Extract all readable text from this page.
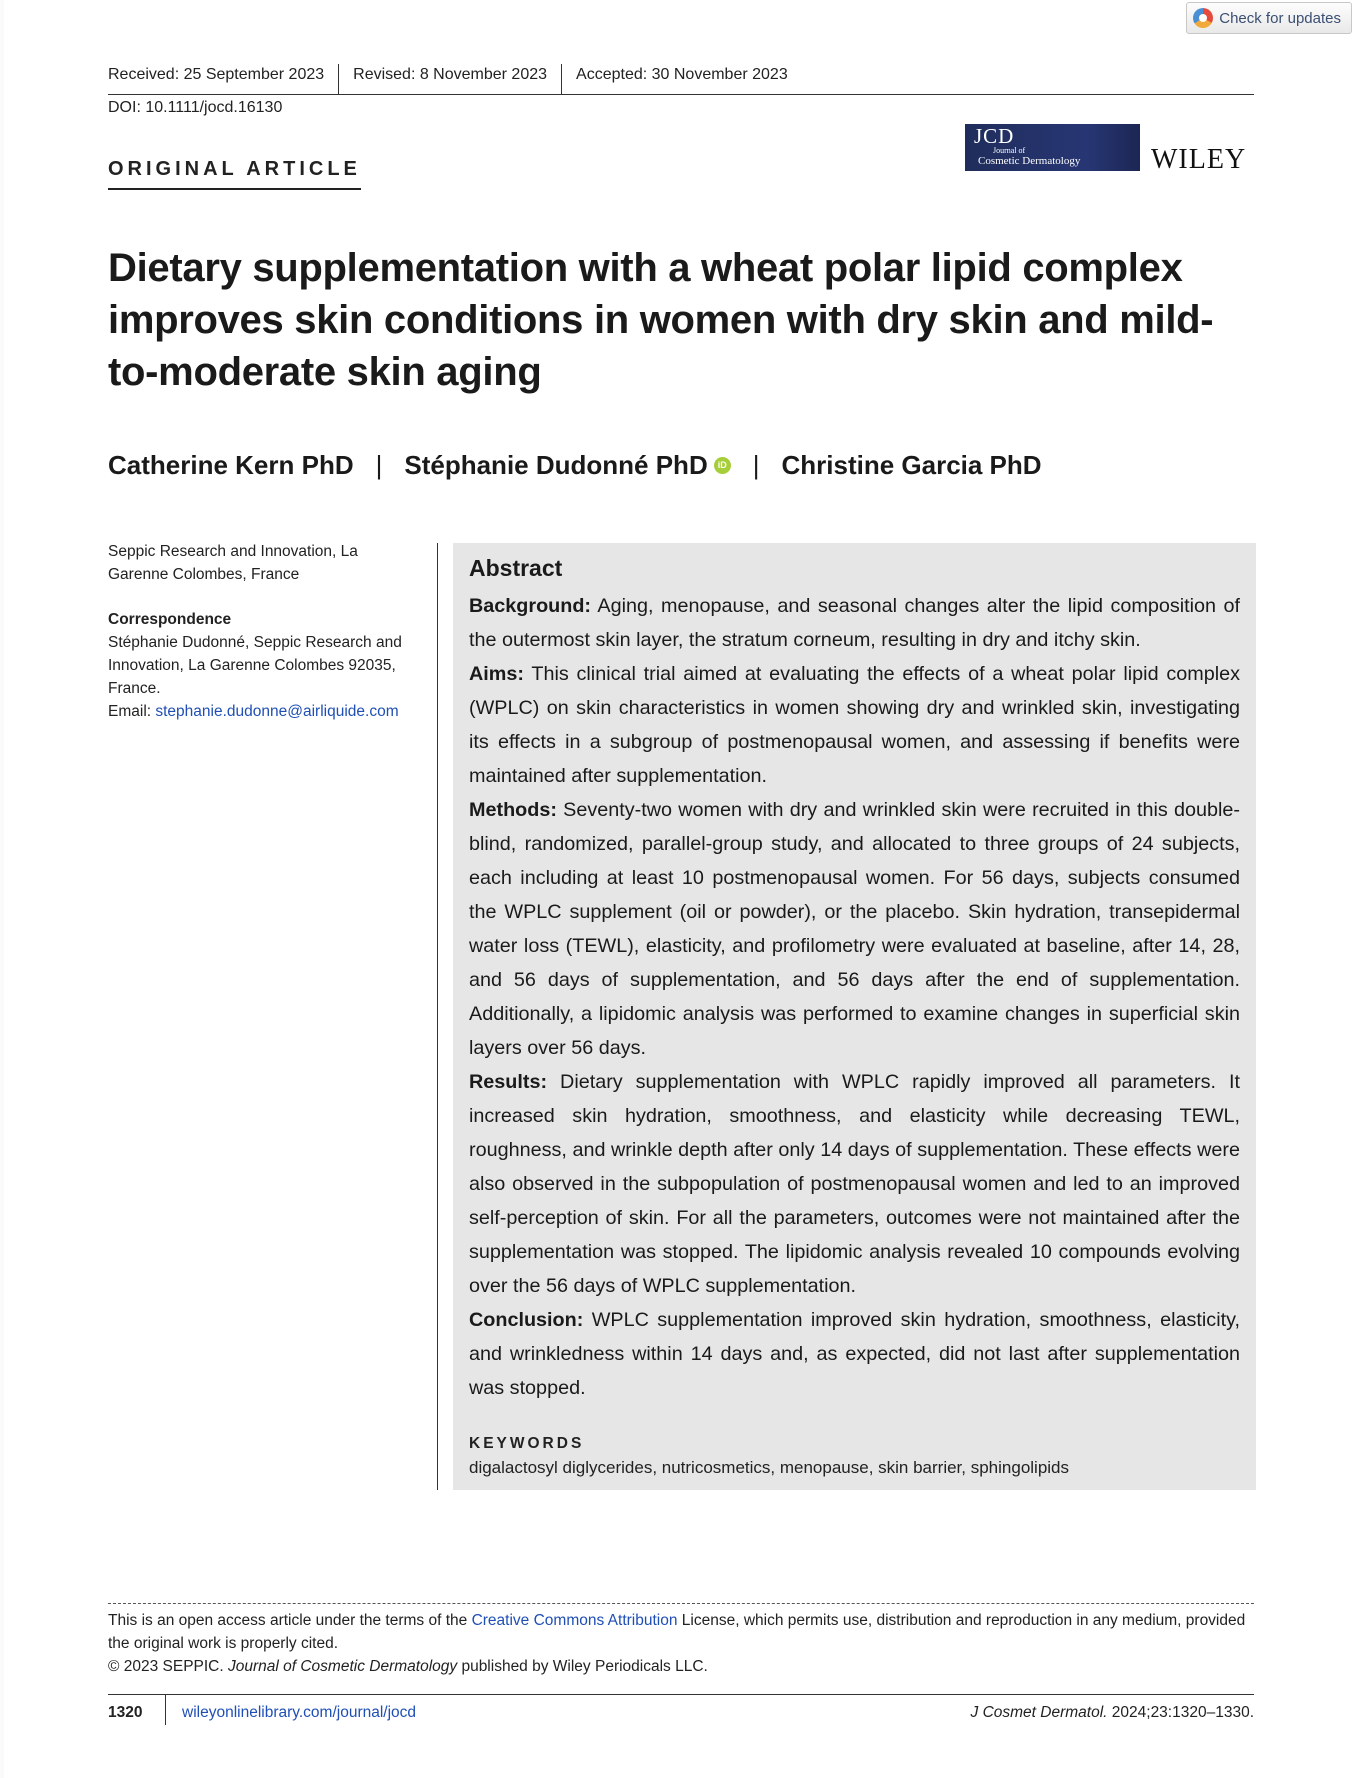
Check for updates
Received: 25 September 2023	Revised: 8 November 2023	Accepted: 30 November 2023
DOI: 10.1111/jocd.16130
ORIGINAL ARTICLE
JCD
Journal of
Cosmetic Dermatology	WILEY
Dietary supplementation with a wheat polar lipid complex improves skin conditions in women with dry skin and mild-to-moderate skin aging
Catherine Kern PhD | Stéphanie Dudonné PhD	iD | Christine Garcia PhD
Seppic Research and Innovation, La Garenne Colombes, France
Correspondence
Stéphanie Dudonné, Seppic Research and Innovation, La Garenne Colombes 92035, France.
Email: stephanie.dudonne@airliquide.com
Abstract

Background: Aging, menopause, and seasonal changes alter the lipid composition of the outermost skin layer, the stratum corneum, resulting in dry and itchy skin.

Aims: This clinical trial aimed at evaluating the effects of a wheat polar lipid complex (WPLC) on skin characteristics in women showing dry and wrinkled skin, investigating its effects in a subgroup of postmenopausal women, and assessing if benefits were maintained after supplementation.

Methods: Seventy-two women with dry and wrinkled skin were recruited in this double-blind, randomized, parallel-group study, and allocated to three groups of 24 subjects, each including at least 10 postmenopausal women. For 56 days, subjects consumed the WPLC supplement (oil or powder), or the placebo. Skin hydration, transepidermal water loss (TEWL), elasticity, and profilometry were evaluated at baseline, after 14, 28, and 56 days of supplementation, and 56 days after the end of supplementation. Additionally, a lipidomic analysis was performed to examine changes in superficial skin layers over 56 days.

Results: Dietary supplementation with WPLC rapidly improved all parameters. It increased skin hydration, smoothness, and elasticity while decreasing TEWL, roughness, and wrinkle depth after only 14 days of supplementation. These effects were also observed in the subpopulation of postmenopausal women and led to an improved self-perception of skin. For all the parameters, outcomes were not maintained after the supplementation was stopped. The lipidomic analysis revealed 10 compounds evolving over the 56 days of WPLC supplementation.

Conclusion: WPLC supplementation improved skin hydration, smoothness, elasticity, and wrinkledness within 14 days and, as expected, did not last after supplementation was stopped.

KEYWORDS
digalactosyl diglycerides, nutricosmetics, menopause, skin barrier, sphingolipids
This is an open access article under the terms of the Creative Commons Attribution License, which permits use, distribution and reproduction in any medium, provided the original work is properly cited.
© 2023 SEPPIC. Journal of Cosmetic Dermatology published by Wiley Periodicals LLC.
1320	wileyonlinelibrary.com/journal/jocd	J Cosmet Dermatol. 2024;23:1320–1330.
